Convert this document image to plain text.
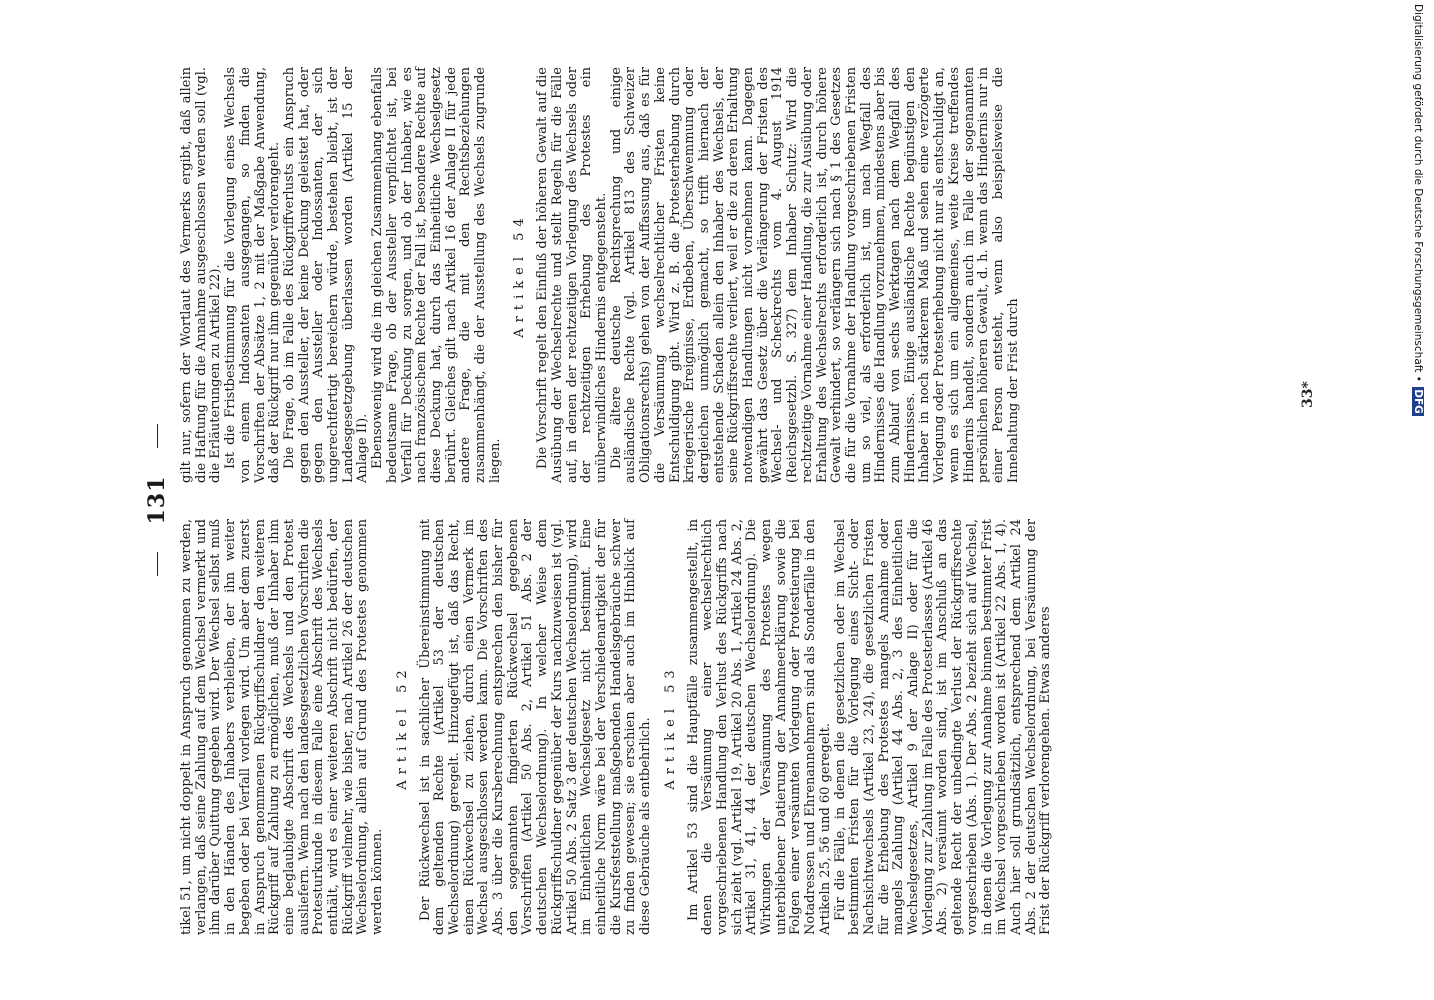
131

tikel 51, um nicht doppelt in Anspruch genommen zu werden, verlangen, daß seine Zahlung auf dem Wechsel vermerkt und ihm darüber Quittung gegeben wird. Der Wechsel selbst muß in den Händen des Inhabers verbleiben, der ihn weiter begeben oder bei Verfall vorlegen wird. Um aber dem zuerst in Anspruch genommenen Rückgriffschuldner den weiteren Rückgriff auf Zahlung zu ermöglichen, muß der Inhaber ihm eine beglaubigte Abschrift des Wechsels und den Protest ausliefern. Wenn nach den landesgesetzlichen Vorschriften die Protesturkunde in diesem Falle eine Abschrift des Wechsels enthält, wird es einer weiteren Abschrift nicht bedürfen, der Rückgriff vielmehr, wie bisher, nach Artikel 26 der deutschen Wechselordnung, allein auf Grund des Protestes genommen werden können.

Artikel 52 Der Rückwechsel ist in sachlicher Übereinstimmung mit dem geltenden Rechte (Artikel 53 der deutschen Wechselordnung) geregelt. Hinzugefügt ist, daß das Recht, einen Rückwechsel zu ziehen, durch einen Vermerk im Wechsel ausgeschlossen werden kann. Die Vorschriften des Abs. 3 über die Kursberechnung entsprechen den bisher für den sogenannten fingierten Rückwechsel gegebenen Vorschriften (Artikel 50 Abs. 2, Artikel 51 Abs. 2 der deutschen Wechselordnung). In welcher Weise dem Rückgriffschuldner gegenüber der Kurs nachzuweisen ist (vgl. Artikel 50 Abs. 2 Satz 3 der deutschen Wechselordnung), wird im Einheitlichen Wechselgesetz nicht bestimmt. Eine einheitliche Norm wäre bei der Verschiedenartigkeit der für die Kursfeststellung maßgebenden Handelsgebräuche schwer zu finden gewesen; sie erschien aber auch im Hinblick auf diese Gebräuche als entbehrlich. Artikel 53 Im Artikel 53 sind die Hauptfälle zusammengestellt, in denen die Versäumung einer wechselrechtlich vorgeschriebenen Handlung den Verlust des Rückgriffs nach sich zieht (vgl. Artikel 19, Artikel 20 Abs. 1, Artikel 24 Abs. 2, Artikel 31, 41, 44 der deutschen Wechselordnung). Die Wirkungen der Versäumung des Protestes wegen unterbliebener Datierung der Annahmeerklärung sowie die Folgen einer versäumten Vorlegung oder Protestierung bei Notadressen und Ehrenannehmern sind als Sonderfälle in den Artikeln 25, 56 und 60 geregelt. Für die Fälle, in denen die gesetzlichen oder im Wechsel bestimmten Fristen für die Vorlegung eines Sicht- oder Nachsichtwechsels (Artikel 23, 24), die gesetzlichen Fristen für die Erhebung des Protestes mangels Annahme oder mangels Zahlung (Artikel 44 Abs. 2, 3 des Einheitlichen Wechselgesetzes, Artikel 9 der Anlage II) oder für die Vorlegung zur Zahlung im Falle des Protesterlasses (Artikel 46 Abs. 2) versäumt worden sind, ist im Anschluß an das geltende Recht der unbedingte Verlust der Rückgriffsrechte vorgeschrieben (Abs. 1). Der Abs. 2 bezieht sich auf Wechsel, in denen die Vorlegung zur Annahme binnen bestimmter Frist im Wechsel vorgeschrieben worden ist (Artikel 22 Abs. 1, 4). Auch hier soll grundsätzlich, entsprechend dem Artikel 24 Abs. 2 der deutschen Wechselordnung, bei Versäumung der Frist der Rückgriff verlorengehen. Etwas anderes

gilt nur, sofern der Wortlaut des Vermerks ergibt, daß allein die Haftung für die Annahme ausgeschlossen werden soll (vgl. die Erläuterungen zu Artikel 22). Ist die Fristbestimmung für die Vorlegung eines Wechsels von einem Indossanten ausgegangen, so finden die Vorschriften der Absätze 1, 2 mit der Maßgabe Anwendung, daß der Rückgriff nur ihm gegenüber verlorengeht. Die Frage, ob im Falle des Rückgriffverlusts ein Anspruch gegen den Aussteller, der keine Deckung geleistet hat, oder gegen den Aussteller oder Indossanten, der sich ungerechtfertigt bereichern würde, bestehen bleibt, ist der Landesgesetzgebung überlassen worden (Artikel 15 der Anlage II). Ebensowenig wird die im gleichen Zusammenhang ebenfalls bedeutsame Frage, ob der Aussteller verpflichtet ist, bei Verfall für Deckung zu sorgen, und ob der Inhaber, wie es nach französischem Rechte der Fall ist, besondere Rechte auf diese Deckung hat, durch das Einheitliche Wechselgesetz berührt. Gleiches gilt nach Artikel 16 der Anlage II für jede andere Frage, die mit den Rechtsbeziehungen zusammenhängt, die der Ausstellung des Wechsels zugrunde liegen.

Artikel 54 Die Vorschrift regelt den Einfluß der höheren Gewalt auf die Ausübung der Wechselrechte und stellt Regeln für die Fälle auf, in denen der rechtzeitigen Vorlegung des Wechsels oder der rechtzeitigen Erhebung des Protestes ein unüberwindliches Hindernis entgegensteht. Die ältere deutsche Rechtsprechung und einige ausländische Rechte (vgl. Artikel 813 des Schweizer Obligationsrechts) gehen von der Auffassung aus, daß es für die Versäumung wechselrechtlicher Fristen keine Entschuldigung gibt. Wird z. B. die Protesterhebung durch kriegerische Ereignisse, Erdbeben, Überschwemmung oder dergleichen unmöglich gemacht, so trifft hiernach der entstehende Schaden allein den Inhaber des Wechsels, der seine Rückgriffsrechte verliert, weil er die zu deren Erhaltung notwendigen Handlungen nicht vornehmen kann. Dagegen gewährt das Gesetz über die Verlängerung der Fristen des Wechsel- und Scheckrechts vom 4. August 1914 (Reichsgesetzbl. S. 327) dem Inhaber Schutz: Wird die rechtzeitige Vornahme einer Handlung, die zur Ausübung oder Erhaltung des Wechselrechts erforderlich ist, durch höhere Gewalt verhindert, so verlängern sich nach § 1 des Gesetzes die für die Vornahme der Handlung vorgeschriebenen Fristen um so viel, als erforderlich ist, um nach Wegfall des Hindernisses die Handlung vorzunehmen, mindestens aber bis zum Ablauf von sechs Werktagen nach dem Wegfall des Hindernisses. Einige ausländische Rechte begünstigen den Inhaber in noch stärkerem Maß und sehen eine verzögerte Vorlegung oder Protesterhebung nicht nur als entschuldigt an, wenn es sich um ein allgemeines, weite Kreise treffendes Hindernis handelt, sondern auch im Falle der sogenannten persönlichen höheren Gewalt, d. h. wenn das Hindernis nur in einer Person entsteht, wenn also beispielsweise die Innehaltung der Frist durch	33*
Digitalisierung gefördert durch die Deutsche Forschungsgemeinschaft • DFG
